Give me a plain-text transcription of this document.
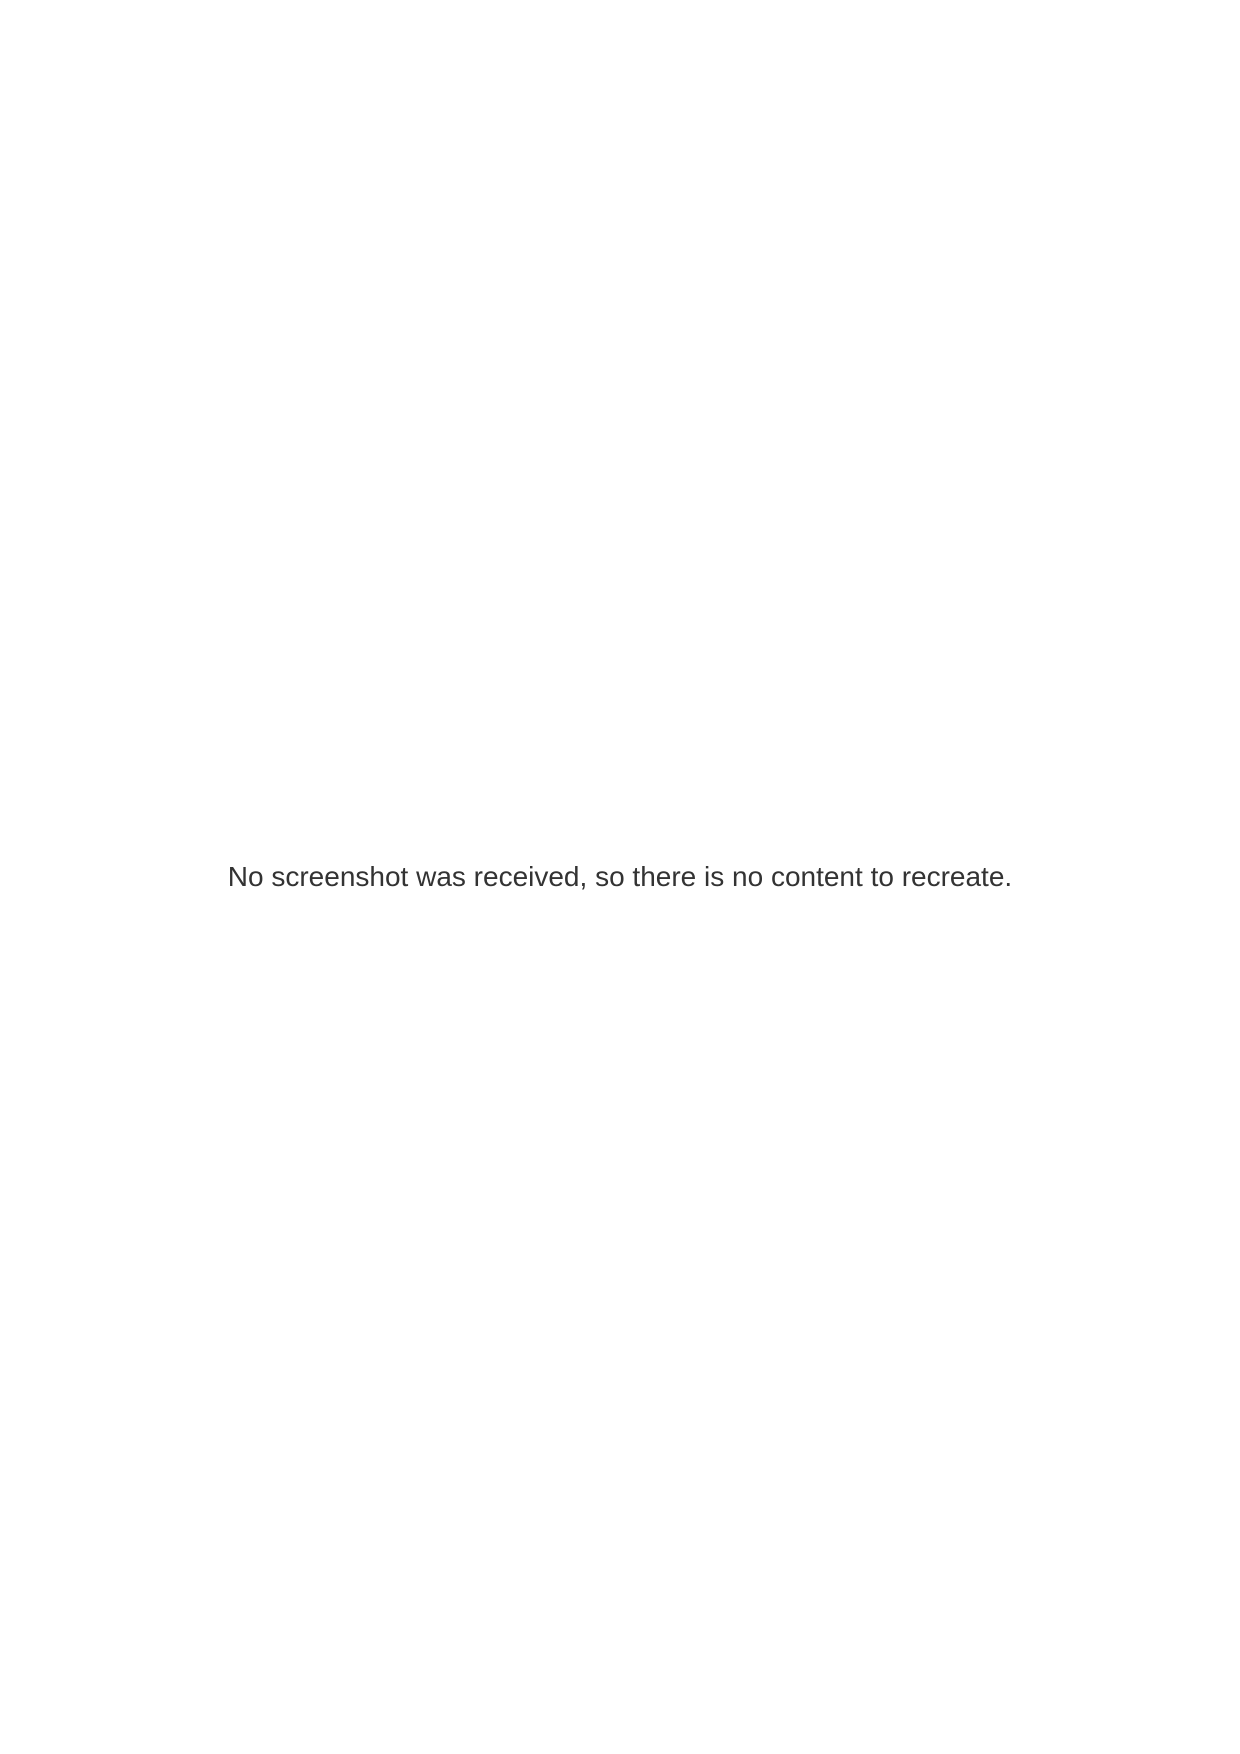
No screenshot was received, so there is no content to recreate.
